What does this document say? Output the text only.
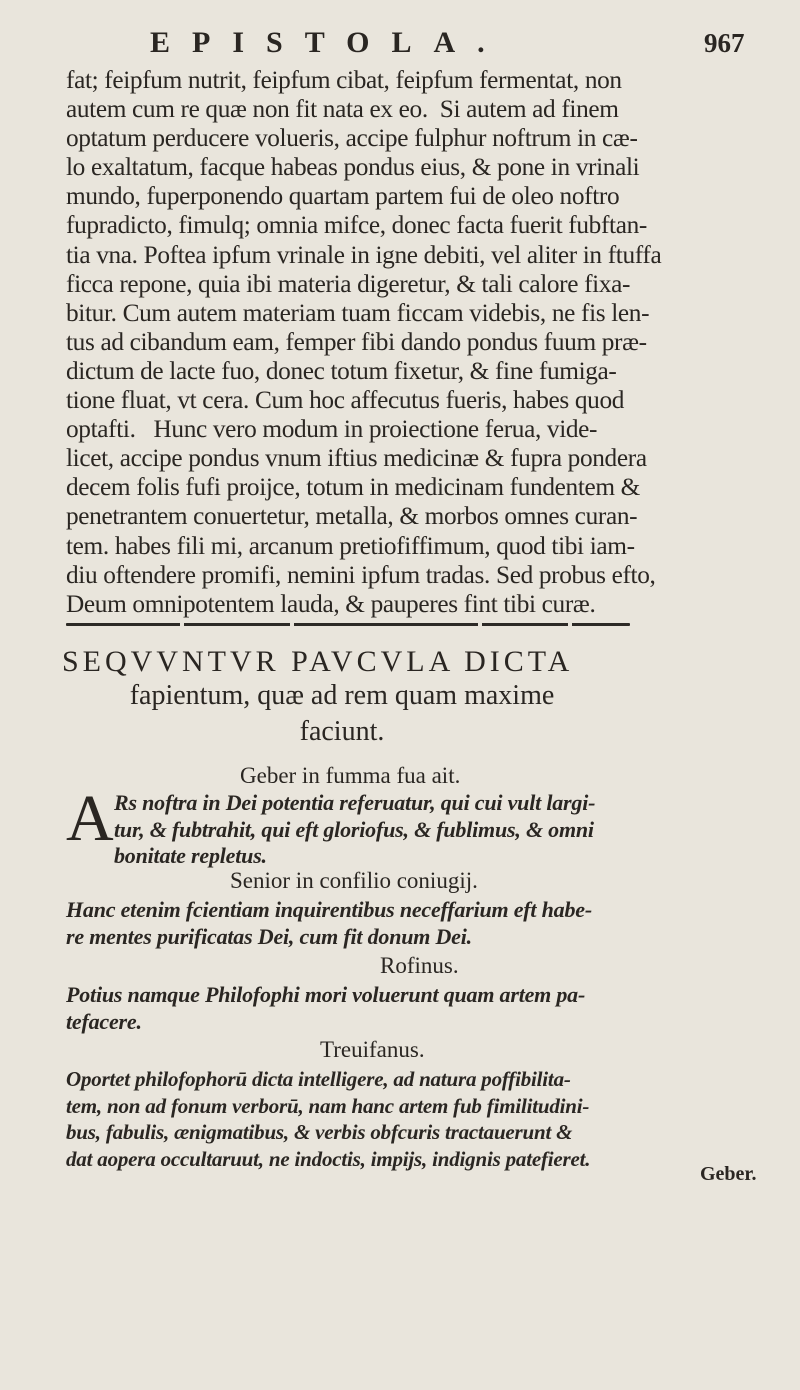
EPISTOLA.	967

fat; feipfum nutrit, feipfum cibat, feipfum fermentat, non
autem cum re quæ non fit nata ex eo.  Si autem ad finem
optatum perducere volueris, accipe fulphur noftrum in cæ-
lo exaltatum, facque habeas pondus eius, & pone in vrinali
mundo, fuperponendo quartam partem fui de oleo noftro
fupradicto, fimulq; omnia mifce, donec facta fuerit fubftan-
tia vna. Poftea ipfum vrinale in igne debiti, vel aliter in ftuffa
ficca repone, quia ibi materia digeretur, & tali calore fixa-
bitur. Cum autem materiam tuam ficcam videbis, ne fis len-
tus ad cibandum eam, femper fibi dando pondus fuum præ-
dictum de lacte fuo, donec totum fixetur, & fine fumiga-
tione fluat, vt cera. Cum hoc affecutus fueris, habes quod
optafti.   Hunc vero modum in proiectione ferua, vide-
licet, accipe pondus vnum iftius medicinæ & fupra pondera
decem folis fufi proijce, totum in medicinam fundentem &
penetrantem conuertetur, metalla, & morbos omnes curan-
tem. habes fili mi, arcanum pretiofiffimum, quod tibi iam-
diu oftendere promifi, nemini ipfum tradas. Sed probus efto,
Deum omnipotentem lauda, & pauperes fint tibi curæ.

SEQVVNTVR PAVCVLA DICTA

fapientum, quæ ad rem quam maxime
faciunt.

Geber in fumma fua ait.
A Rs noftra in Dei potentia referuatur, qui cui vult largi-
tur, & fubtrahit, qui eft gloriofus, & fublimus, & omni
bonitate repletus.

Senior in confilio coniugij.

Hanc etenim fcientiam inquirentibus neceffarium eft habe-
re mentes purificatas Dei, cum fit donum Dei.

Rofinus.

Potius namque Philofophi mori voluerunt quam artem pa-
tefacere.

Treuifanus.

Oportet philofophorū dicta intelligere, ad natura poffibilita-
tem, non ad fonum verborū, nam hanc artem fub fimilitudini-
bus, fabulis, ænigmatibus, & verbis obfcuris tractauerunt &
dat aopera occultaruut, ne indoctis, impijs, indignis patefieret.

Geber.
